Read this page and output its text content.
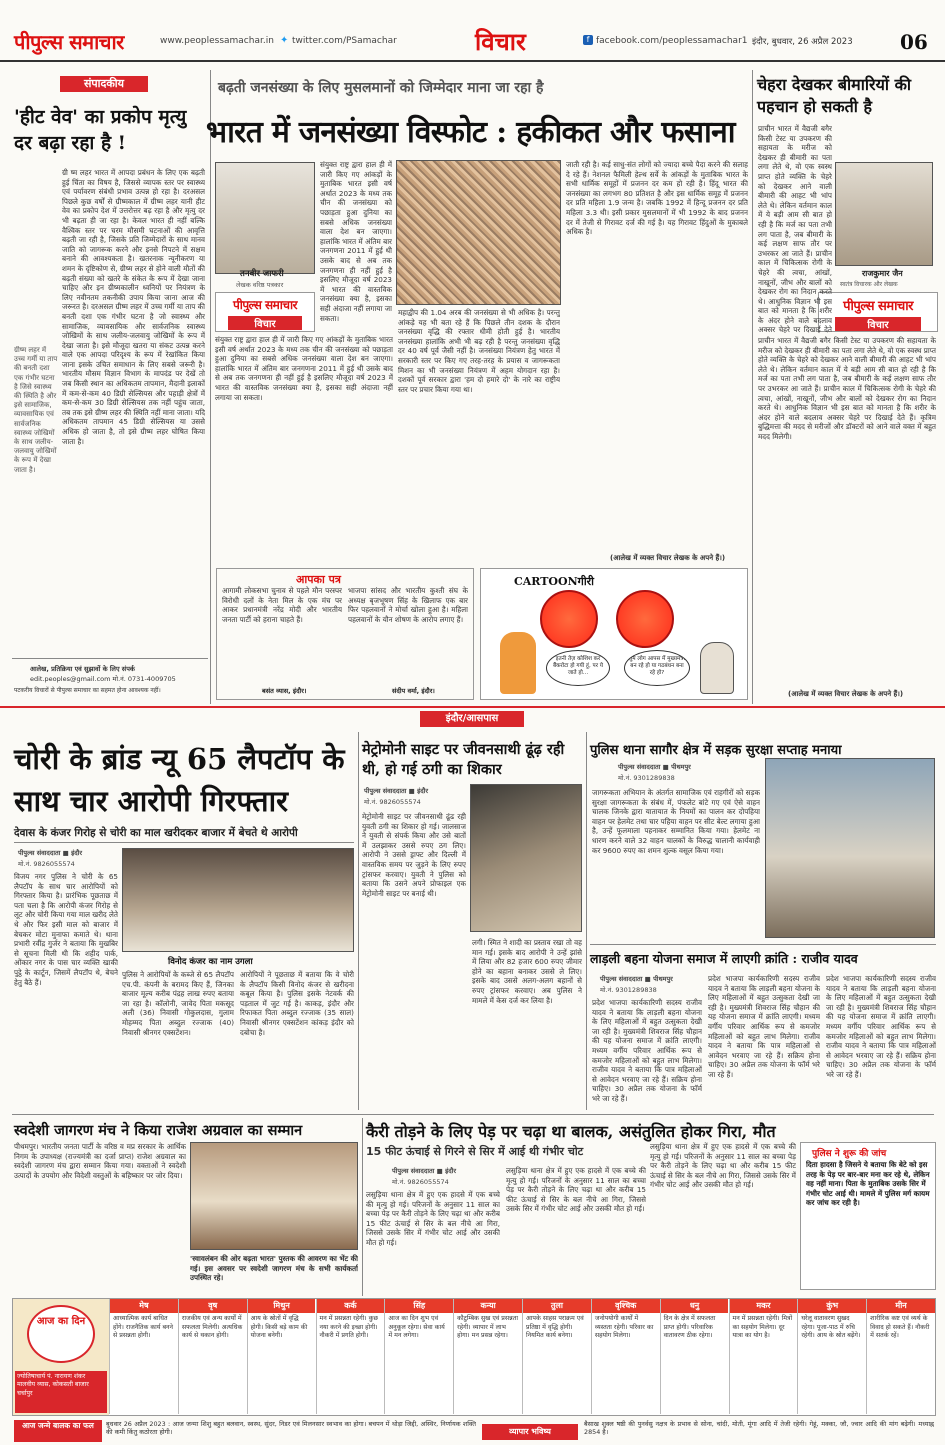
पीपुल्स समाचार	www.peoplessamachar.in ✦ twitter.com/PSamachar	विचार	f facebook.com/peoplessamachar1 इंदौर, बुधवार, 26 अप्रैल 2023 06
संपादकीय
'हीट वेव' का प्रकोप मृत्यु दर बढ़ा रहा है !
ग्री ष्म लहर भारत में आपदा प्रबंधन के लिए एक बढ़ती हुई चिंता का विषय है, जिससे व्यापक स्तर पर स्वास्थ्य एवं पर्यावरण संबंधी प्रभाव उत्पन्न हो रहा है। दरअसल पिछले कुछ वर्षों से ग्रीष्मकाल में ग्रीष्म लहर यानी हीट वेव का प्रकोप देश में उत्तरोत्तर बढ़ रहा है और मृत्यु दर भी बढ़ता ही जा रहा है। केवल भारत ही नहीं बल्कि वैश्विक स्तर पर चरम मौसमी घटनाओं की आवृत्ति बढ़ती जा रही है, जिसके प्रति जिम्मेदारों के साथ मानव जाति को जागरूक करने और इनसे निपटने में सक्षम बनाने की आवश्यकता है। खतरनाक न्यूनीकरण या शमन के दृष्टिकोण से, ग्रीष्म लहर से होने वाली मौतों की बढ़ती संख्या को खतरे के संकेत के रूप में देखा जाना चाहिए और इन ग्रीष्मकालीन ध्वनियों पर नियंत्रण के लिए नवीनतम तकनीकी उपाय किया जाना आज की जरूरत है। दरअसल ग्रीष्म लहर में उच्च गर्मी या ताप की बनती दशा एक गंभीर घटना है जो स्वास्थ्य और सामाजिक, व्यावसायिक और सार्वजनिक स्वास्थ्य जोखिमों के साथ जलीय-जलवायु जोखिमों के रूप में देखा जाता है। इसे मौजूदा खतरा या संकट उत्पन्न करने वाले एक आपदा परिदृश्य के रूप में रेखांकित किया जाना इसके उचित समाधान के लिए सबसे जरूरी है। भारतीय मौसम विज्ञान विभाग के मापदंड पर देखें तो जब किसी स्थान का अधिकतम तापमान, मैदानी इलाकों में कम-से-कम 40 डिग्री सेल्सियस और पहाड़ी क्षेत्रों में कम-से-कम 30 डिग्री सेल्सियस तक नहीं पहुंच जाता, तब तक इसे ग्रीष्म लहर की स्थिति नहीं माना जाता। यदि अधिकतम तापमान 45 डिग्री सेल्सियस या उससे अधिक हो जाता है, तो इसे ग्रीष्म लहर घोषित किया जाता है।
ग्रीष्म लहर में उच्च गर्मी या ताप की बनती दशा एक गंभीर घटना है जिसे स्वास्थ्य की स्थिति है और इसे सामाजिक, व्यावसायिक एवं सार्वजनिक स्वास्थ्य जोखिमों के साथ जलीय-जलवायु जोखिमों के रूप में देखा जाता है।
आलेख, प्रतिक्रिया एवं सुझावों के लिए संपर्क
edit.peoples@gmail.com मो.नं. 0731-4009705
पटकरीय विचारों से पीपुल्स समाचार का सहमत होना आवश्यक नहीं।
बढ़ती जनसंख्या के लिए मुसलमानों को जिम्मेदार माना जा रहा है
भारत में जनसंख्या विस्फोट : हकीकत और फसाना
तनवीर जाफरी
लेखक वरिष्ठ पत्रकार
पीपुल्स समाचार
विचार
संयुक्त राष्ट्र द्वारा हाल ही में जारी किए गए आंकड़ों के मुताबिक भारत इसी वर्ष अर्थात 2023 के मध्य तक चीन की जनसंख्या को पछाड़ता हुआ दुनिया का सबसे अधिक जनसंख्या वाला देश बन जाएगा। हालांकि भारत में अंतिम बार जनगणना 2011 में हुई थी उसके बाद से अब तक जनगणना ही नहीं हुई है इसलिए मौजूदा वर्ष 2023 में भारत की वास्तविक जनसंख्या क्या है, इसका सही अंदाजा नहीं लगाया जा सकता।
महाद्वीप की 1.04 अरब की जनसंख्या से भी अधिक है। परन्तु आंकड़े यह भी बता रहे हैं कि पिछले तीन दशक के दौरान जनसंख्या वृद्धि की रफ्तार धीमी होती हुई है। भारतीय जनसंख्या हालांकि अभी भी बढ़ रही है परन्तु जनसंख्या वृद्धि दर 40 वर्ष पूर्व जैसी नहीं है। जनसंख्या नियंत्रण हेतु भारत में सरकारी स्तर पर किए गए तरह-तरह के प्रयास व जागरूकता मिशन का भी जनसंख्या नियंत्रण में अहम योगदान रहा है। दशकों पूर्व सरकार द्वारा 'हम दो हमारे दो' के नारे का राष्ट्रीय स्तर पर प्रचार किया गया था।
संयुक्त राष्ट्र द्वारा हाल ही में जारी किए गए आंकड़ों के मुताबिक भारत इसी वर्ष अर्थात 2023 के मध्य तक चीन की जनसंख्या को पछाड़ता हुआ दुनिया का सबसे अधिक जनसंख्या वाला देश बन जाएगा। हालांकि भारत में अंतिम बार जनगणना 2011 में हुई थी उसके बाद से अब तक जनगणना ही नहीं हुई है इसलिए मौजूदा वर्ष 2023 में भारत की वास्तविक जनसंख्या क्या है, इसका सही अंदाजा नहीं लगाया जा सकता।
जाती रही है। कई साधु-संत लोगों को ज्यादा बच्चे पैदा करने की सलाह दे रहे हैं। नेशनल फैमिली हेल्थ सर्वे के आंकड़ों के मुताबिक भारत के सभी धार्मिक समूहों में प्रजनन दर कम हो रही है। हिंदू भारत की जनसंख्या का लगभग 80 प्रतिशत है और इस धार्मिक समूह में प्रजनन दर प्रति महिला 1.9 जन्म है। जबकि 1992 में हिन्दू प्रजनन दर प्रति महिला 3.3 थी। इसी प्रकार मुसलमानों में भी 1992 के बाद प्रजनन दर में तेजी से गिरावट दर्ज की गई है। यह गिरावट हिंदुओं के मुकाबले अधिक है।
(आलेख में व्यक्त विचार लेखक के अपने हैं।)
चेहरा देखकर बीमारियों की पहचान हो सकती है
राजकुमार जैन
स्वतंत्र विचारक और लेखक
पीपुल्स समाचार
विचार
प्राचीन भारत में वैद्यजी बगैर किसी टेस्ट या उपकरण की सहायता के मरीज को देखकर ही बीमारी का पता लगा लेते थे, वो एक स्वस्थ प्राप्त होते व्यक्ति के चेहरे को देखकर आने वाली बीमारी की आहट भी भांप लेते थे। लेकिन वर्तमान काल में ये बड़ी आम सी बात हो रही है कि मर्ज का पता तभी लग पाता है, जब बीमारी के कई लक्षण साफ तौर पर उभरकर आ जाते हैं। प्राचीन काल में चिकित्सक रोगी के चेहरे की त्वचा, आंखों, नाखूनों, जीभ और बालों को देखकर रोग का निदान करते थे। आधुनिक विज्ञान भी इस बात को मानता है कि शरीर के अंदर होने वाले बदलाव अक्सर चेहरे पर दिखाई देते
प्राचीन भारत में वैद्यजी बगैर किसी टेस्ट या उपकरण की सहायता के मरीज को देखकर ही बीमारी का पता लगा लेते थे, वो एक स्वस्थ प्राप्त होते व्यक्ति के चेहरे को देखकर आने वाली बीमारी की आहट भी भांप लेते थे। लेकिन वर्तमान काल में ये बड़ी आम सी बात हो रही है कि मर्ज का पता तभी लग पाता है, जब बीमारी के कई लक्षण साफ तौर पर उभरकर आ जाते हैं। प्राचीन काल में चिकित्सक रोगी के चेहरे की त्वचा, आंखों, नाखूनों, जीभ और बालों को देखकर रोग का निदान करते थे। आधुनिक विज्ञान भी इस बात को मानता है कि शरीर के अंदर होने वाले बदलाव अक्सर चेहरे पर दिखाई देते हैं। कृत्रिम बुद्धिमत्ता की मदद से मरीजों और डॉक्टरों को आने वाले वक्त में बहुत मदद मिलेगी।
(आलेख में व्यक्त विचार लेखक के अपने हैं।)
आपका पत्र
आगामी लोकसभा चुनाव से पहले मौन परस्पर विरोधी दलों के नेता मिल के एक मंच पर आकर प्रधानमंत्री नरेंद्र मोदी और भारतीय जनता पार्टी को हराना चाहते हैं।
बसंत व्यास, इंदौर।
भाजपा सांसद और भारतीय कुश्ती संघ के अध्यक्ष बृजभूषण सिंह के खिलाफ एक बार फिर पहलवानों ने मोर्चा खोला हुआ है। महिला पहलवानों के यौन शोषण के आरोप लगाए हैं।
संदीप वर्मा, इंदौर।
CARTOONगीरी
इतनी तेज़ कोशिश कर बैंकरोटा हो गयी हूं, पर ये जाते हो...
तुम लोग आपस में मुख्यमंत्री बन रहे हो या गठबंधन बना रहे हो?
इंदौर/आसपास
चोरी के ब्रांड न्यू 65 लैपटॉप के साथ चार आरोपी गिरफ्तार
देवास के कंजर गिरोह से चोरी का माल खरीदकर बाजार में बेचते थे आरोपी
पीपुल्स संवाददाता ■ इंदौर
मो.नं. 9826055574
विनोद कंजर का नाम उगला
विजय नगर पुलिस ने चोरी के 65 लैपटॉप के साथ चार आरोपियों को गिरफ्तार किया है। प्रारंभिक पूछताछ में पता चला है कि आरोपी कंजर गिरोह से लूट और चोरी किया गया माल खरीद लेते थे और फिर इसी माल को बाजार में बेचकर मोटा मुनाफा कमाते थे। थाना प्रभारी रवींद्र गुर्जर ने बताया कि मुखबिर से सूचना मिली थी कि शहीद पार्क, ओंकार नगर के पास चार व्यक्ति खाकी पुट्ठे के कार्टून, जिसमें लैपटॉप थे, बेचने हेतु बैठे हैं।
पुलिस ने आरोपियों के कब्जे से 65 लैपटॉप एच.पी. कंपनी के बरामद किए हैं, जिनका बाजार मूल्य करीब पंद्रह लाख रुपए बताया जा रहा है। कॉलोनी, जावेद पिता मकसूद अली (36) निवासी गोकुलदास, गुलाम मोहम्मद पिता अब्दुल रज्जाक (40) निवासी श्रीनगर एक्सटेंशन।
आरोपियों ने पूछताछ में बताया कि वे चोरी के लैपटॉप किसी विनोद कंजर से खरीदना कबूल किया है। पुलिस इसके नेटवर्क की पड़ताल में जुट गई है। काकड़, इंदौर और रिफाकत पिता अब्दुल रज्जाक (35 साल) निवासी श्रीनगर एक्सटेंशन कांकड़ इंदौर को दबोचा है।
मेट्रोमोनी साइट पर जीवनसाथी ढूंढ़ रही थी, हो गई ठगी का शिकार
पीपुल्स संवाददाता ■ इंदौर
मो.नं. 9826055574
मेट्रोमोनी साइट पर जीवनसाथी ढूंढ रही युवती ठगी का शिकार हो गई। जालसाज ने युवती से संपर्क किया और उसे बातों में उलझाकर उससे रुपए ठग लिए। आरोपी ने उससे ड्राफ्ट और दिल्ली में वास्तविक समय पर जुड़ने के लिए रुपए ट्रांसफर करवाए। युवती ने पुलिस को बताया कि उसने अपने प्रोफाइल एक मेट्रोमोनी साइट पर बनाई थी।
लगी। स्मित ने शादी का प्रस्ताव रखा तो वह मान गई। इसके बाद आरोपी ने उन्हें झांसे में लिया और 82 हजार 600 रुपए जीमार होने का बहाना बनाकर उससे ले लिए। इसके बाद उससे अलग-अलग बहानों से रुपए ट्रांसफर करवाए। अब पुलिस ने मामले में केस दर्ज कर लिया है।
पुलिस थाना सागौर क्षेत्र में सड़क सुरक्षा सप्ताह मनाया
पीपुल्स संवाददाता ■ पीथमपुर
मो.नं. 9301289838
जागरूकता अभियान के अंतर्गत सामाजिक एवं राहगीरों को सड़क सुरक्षा जागरूकता के संबंध में, पंफलेट बांटे गए एवं ऐसे वाहन चालक जिनके द्वारा यातायात के नियमों का पालन कर दोपहिया वाहन पर हेलमेट तथा चार पहिया वाहन पर सीट बेल्ट लगाया हुआ है, उन्हें फूलमाला पहनाकर सम्मानित किया गया। हेलमेट ना धारण करने वाले 32 वाहन चालकों के विरुद्ध चालानी कार्यवाही कर 9600 रुपए का शमन शुल्क वसूल किया गया।
लाड़ली बहना योजना समाज में लाएगी क्रांति : राजीव यादव
पीपुल्स संवाददाता ■ पीथमपुर
मो.नं. 9301289838
प्रदेश भाजपा कार्यकारिणी सदस्य राजीव यादव ने बताया कि लाड़ली बहना योजना के लिए महिलाओं में बहुत उत्सुकता देखी जा रही है। मुख्यमंत्री शिवराज सिंह चौहान की यह योजना समाज में क्रांति लाएगी। मध्यम वर्गीय परिवार आर्थिक रूप से कमजोर महिलाओं को बहुत लाभ मिलेगा। राजीव यादव ने बताया कि पात्र महिलाओं से आवेदन भरवाए जा रहे हैं। सक्रिय होना चाहिए। 30 अप्रैल तक योजना के फॉर्म भरे जा रहे हैं।
प्रदेश भाजपा कार्यकारिणी सदस्य राजीव यादव ने बताया कि लाड़ली बहना योजना के लिए महिलाओं में बहुत उत्सुकता देखी जा रही है। मुख्यमंत्री शिवराज सिंह चौहान की यह योजना समाज में क्रांति लाएगी। मध्यम वर्गीय परिवार आर्थिक रूप से कमजोर महिलाओं को बहुत लाभ मिलेगा। राजीव यादव ने बताया कि पात्र महिलाओं से आवेदन भरवाए जा रहे हैं। सक्रिय होना चाहिए। 30 अप्रैल तक योजना के फॉर्म भरे जा रहे हैं।
प्रदेश भाजपा कार्यकारिणी सदस्य राजीव यादव ने बताया कि लाड़ली बहना योजना के लिए महिलाओं में बहुत उत्सुकता देखी जा रही है। मुख्यमंत्री शिवराज सिंह चौहान की यह योजना समाज में क्रांति लाएगी। मध्यम वर्गीय परिवार आर्थिक रूप से कमजोर महिलाओं को बहुत लाभ मिलेगा। राजीव यादव ने बताया कि पात्र महिलाओं से आवेदन भरवाए जा रहे हैं। सक्रिय होना चाहिए। 30 अप्रैल तक योजना के फॉर्म भरे जा रहे हैं।
स्वदेशी जागरण मंच ने किया राजेश अग्रवाल का सम्मान
पीथमपुर। भारतीय जनता पार्टी के वरिष्ठ व मप्र सरकार के आर्थिक निगम के उपाध्यक्ष (राज्यमंत्री का दर्जा प्राप्त) राजेश अग्रवाल का स्वदेशी जागरण मंच द्वारा सम्मान किया गया। वक्ताओं ने स्वदेशी उत्पादों के उपयोग और विदेशी वस्तुओं के बहिष्कार पर जोर दिया।
'स्वावलंबन की ओर बढ़ता भारत' पुस्तक की आवरण का भेंट की गई। इस अवसर पर स्वदेशी जागरण मंच के सभी कार्यकर्ता उपस्थित रहे।
कैरी तोड़ने के लिए पेड़ पर चढ़ा था बालक, असंतुलित होकर गिरा, मौत
15 फीट ऊंचाई से गिरने से सिर में आई थी गंभीर चोट
पीपुल्स संवाददाता ■ इंदौर
मो.नं. 9826055574
लसुड़िया थाना क्षेत्र में हुए एक हादसे में एक बच्चे की मृत्यु हो गई। परिजनों के अनुसार 11 साल का बच्चा पेड़ पर कैरी तोड़ने के लिए चढ़ा था और करीब 15 फीट ऊंचाई से सिर के बल नीचे आ गिरा, जिससे उसके सिर में गंभीर चोट आई और उसकी मौत हो गई।
लसुड़िया थाना क्षेत्र में हुए एक हादसे में एक बच्चे की मृत्यु हो गई। परिजनों के अनुसार 11 साल का बच्चा पेड़ पर कैरी तोड़ने के लिए चढ़ा था और करीब 15 फीट ऊंचाई से सिर के बल नीचे आ गिरा, जिससे उसके सिर में गंभीर चोट आई और उसकी मौत हो गई।
लसुड़िया थाना क्षेत्र में हुए एक हादसे में एक बच्चे की मृत्यु हो गई। परिजनों के अनुसार 11 साल का बच्चा पेड़ पर कैरी तोड़ने के लिए चढ़ा था और करीब 15 फीट ऊंचाई से सिर के बल नीचे आ गिरा, जिससे उसके सिर में गंभीर चोट आई और उसकी मौत हो गई।
पुलिस ने शुरू की जांच
दिता हादसा है जिसने ये बताया कि बेटे को इस तरह के पेड़ पर बार-बार मना कर रहे थे, लेकिन वह नहीं माना। पिता के मुताबिक उसके सिर में गंभीर चोट आई थी। मामले में पुलिस मर्ग कायम कर जांच कर रही है।
आज का दिन
ज्योतिषाचार्य पं. नारायण शंकर मालवीय व्यास, कोकसती बाजार चर्चापुर
मेष
आध्यात्मिक कार्य बाधित होंगे। राजनैतिक कार्य बनने से प्रसन्नता होगी।
वृष
राजकीय एवं अन्य कार्यों में सफलता मिलेगी। अत्यधिक कार्य से थकान होगी।
मिथुन
आय के स्रोतों में वृद्धि होगी। किसी बड़े काम की योजना बनेगी।
कर्क
मन में प्रसन्नता रहेगी। कुछ नया करने की इच्छा होगी। नौकरी में प्रगति होगी।
सिंह
आज का दिन शुभ एवं अनुकूल रहेगा। सेवा कार्य में मन लगेगा।
कन्या
कौटुम्बिक सुख एवं प्रसन्नता रहेगी। व्यापार में लाभ होगा। मन प्रसन्न रहेगा।
तुला
आपके साहस पराक्रम एवं प्रतिष्ठा में वृद्धि होगी। नियमित कार्य बनेगा।
वृश्चिक
जनोपयोगी कार्यों में व्यस्तता रहेगी। परिवार का सहयोग मिलेगा।
धनु
दिन के क्षेत्र में सफलता प्राप्त होगी। परिवारिक वातावरण ठीक रहेगा।
मकर
मन में प्रसन्नता रहेगी। मित्रों का सहयोग मिलेगा। दूर यात्रा का योग है।
कुंभ
घरेलू वातावरण सुखद रहेगा। पूजा-पाठ में रुचि रहेगी। आय के स्रोत बढ़ेंगे।
मीन
शारीरिक कष्ट एवं व्यर्थ के विवाद हो सकते हैं। नौकरी में सतर्क रहें।
आज जन्मे बालक का फल	बुधवार 26 अप्रैल 2023 : आज जन्मा शिशु बहुत बलवान, स्वस्थ, सुंदर, निडर एवं मिलनसार स्वभाव का होगा। बचपन में थोड़ा जिद्दी, अस्थिर, निर्णायक शक्ति की कमी किंतु कठोरता होगी।	व्यापार भविष्य
बैसाख शुक्ल षष्ठी की पुनर्वसु नक्षत्र के प्रभाव से सोना, चांदी, मोती, मूंगा आदि में तेजी रहेगी। गेहूं, मक्का, जौ, ज्वार आदि की मांग बढ़ेगी। मध्याह्न 2854 है।
